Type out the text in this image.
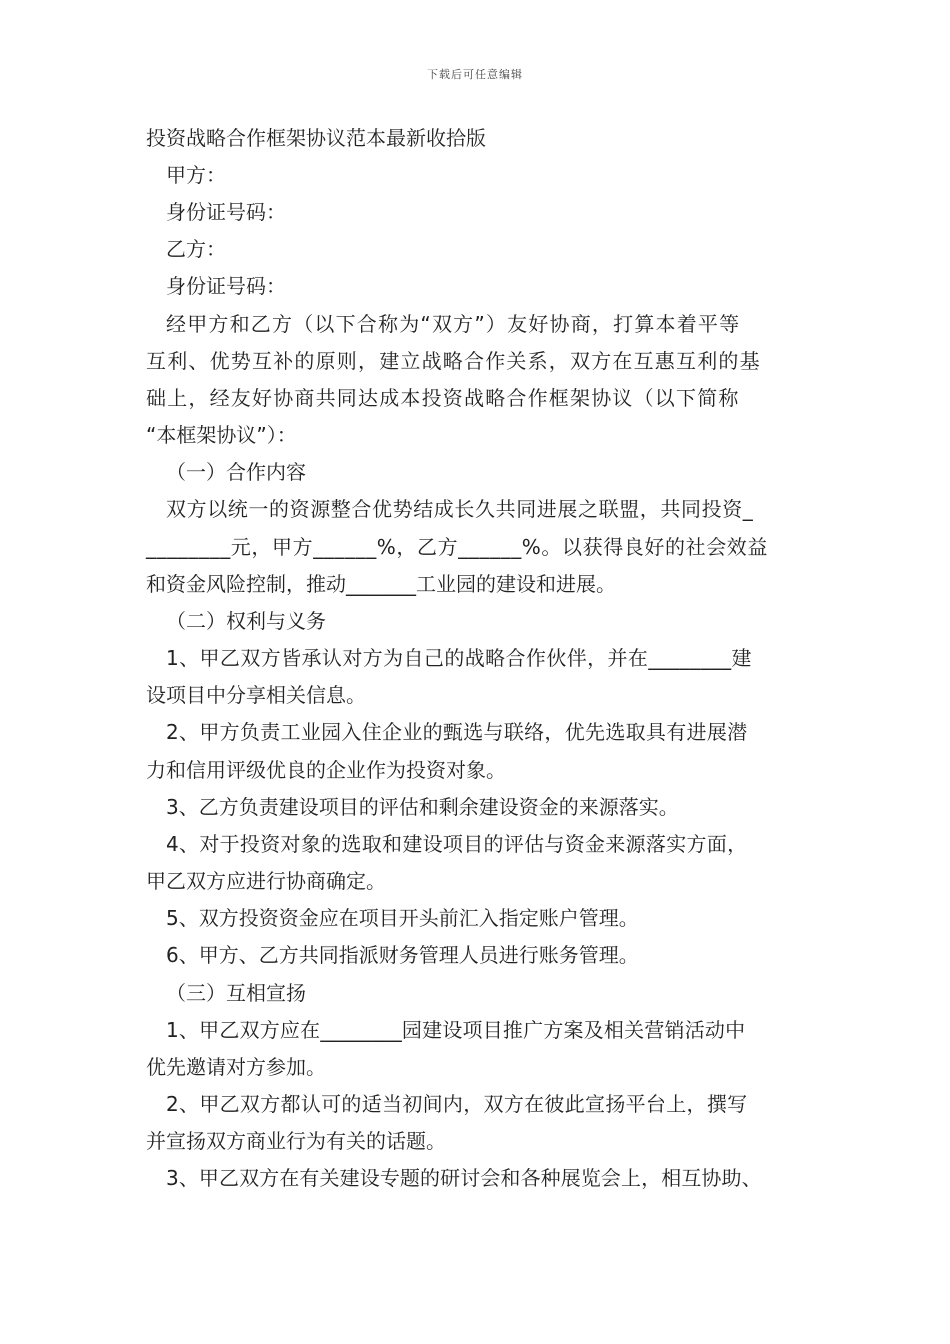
下载后可任意编辑
投资战略合作框架协议范本最新收拾版
甲方：
身份证号码：
乙方：
身份证号码：
经甲方和乙方（以下合称为“双方”）友好协商，打算本着平等
互利、优势互补的原则，建立战略合作关系，双方在互惠互利的基
础上，经友好协商共同达成本投资战略合作框架协议（以下简称
“本框架协议”）：
（一）合作内容
双方以统一的资源整合优势结成长久共同进展之联盟，共同投资_
________元，甲方______%，乙方______%。以获得良好的社会效益
和资金风险控制，推动_______工业园的建设和进展。
（二）权利与义务
1、甲乙双方皆承认对方为自己的战略合作伙伴，并在________建
设项目中分享相关信息。
2、甲方负责工业园入住企业的甄选与联络，优先选取具有进展潜
力和信用评级优良的企业作为投资对象。
3、乙方负责建设项目的评估和剩余建设资金的来源落实。
4、对于投资对象的选取和建设项目的评估与资金来源落实方面，
甲乙双方应进行协商确定。
5、双方投资资金应在项目开头前汇入指定账户管理。
6、甲方、乙方共同指派财务管理人员进行账务管理。
（三）互相宣扬
1、甲乙双方应在________园建设项目推广方案及相关营销活动中
优先邀请对方参加。
2、甲乙双方都认可的适当初间内，双方在彼此宣扬平台上，撰写
并宣扬双方商业行为有关的话题。
3、甲乙双方在有关建设专题的研讨会和各种展览会上，相互协助、
